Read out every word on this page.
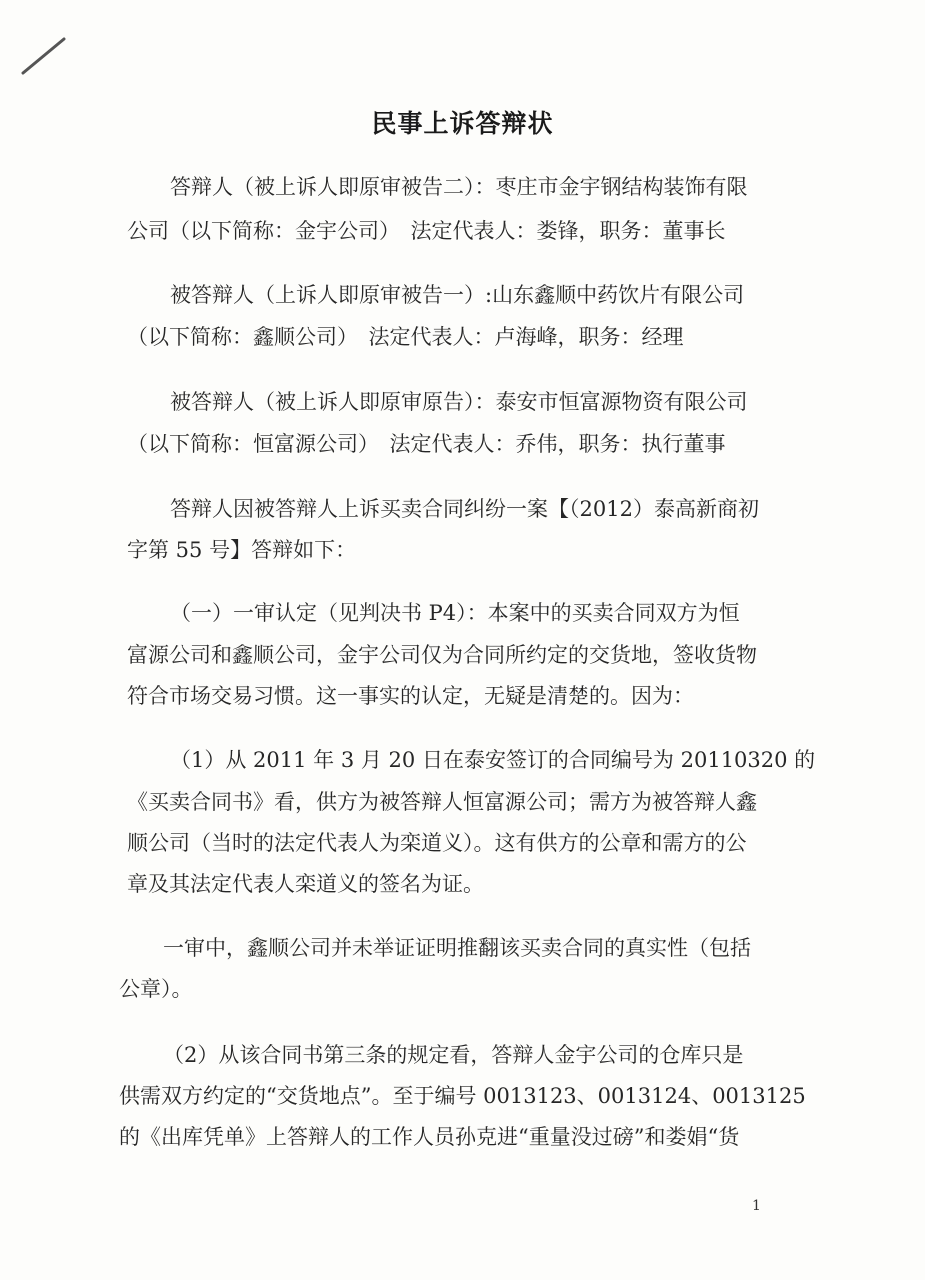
民事上诉答辩状
答辩人（被上诉人即原审被告二）：枣庄市金宇钢结构装饰有限
公司（以下简称：金宇公司）　法定代表人：娄锋，职务：董事长
被答辩人（上诉人即原审被告一）:山东鑫顺中药饮片有限公司
（以下简称：鑫顺公司）　法定代表人：卢海峰，职务：经理
被答辩人（被上诉人即原审原告）：泰安市恒富源物资有限公司
（以下简称：恒富源公司）　法定代表人：乔伟，职务：执行董事
答辩人因被答辩人上诉买卖合同纠纷一案【（2012）泰高新商初
字第 55 号】答辩如下：
（一）一审认定（见判决书 P4）：本案中的买卖合同双方为恒
富源公司和鑫顺公司，金宇公司仅为合同所约定的交货地，签收货物
符合市场交易习惯。这一事实的认定，无疑是清楚的。因为：
（1）从 2011 年 3 月 20 日在泰安签订的合同编号为 20110320 的
《买卖合同书》看，供方为被答辩人恒富源公司；需方为被答辩人鑫
顺公司（当时的法定代表人为栾道义）。这有供方的公章和需方的公
章及其法定代表人栾道义的签名为证。
一审中，鑫顺公司并未举证证明推翻该买卖合同的真实性（包括
公章）。
（2）从该合同书第三条的规定看，答辩人金宇公司的仓库只是
供需双方约定的“交货地点”。至于编号 0013123、0013124、0013125
的《出库凭单》上答辩人的工作人员孙克进“重量没过磅”和娄娟“货
1
